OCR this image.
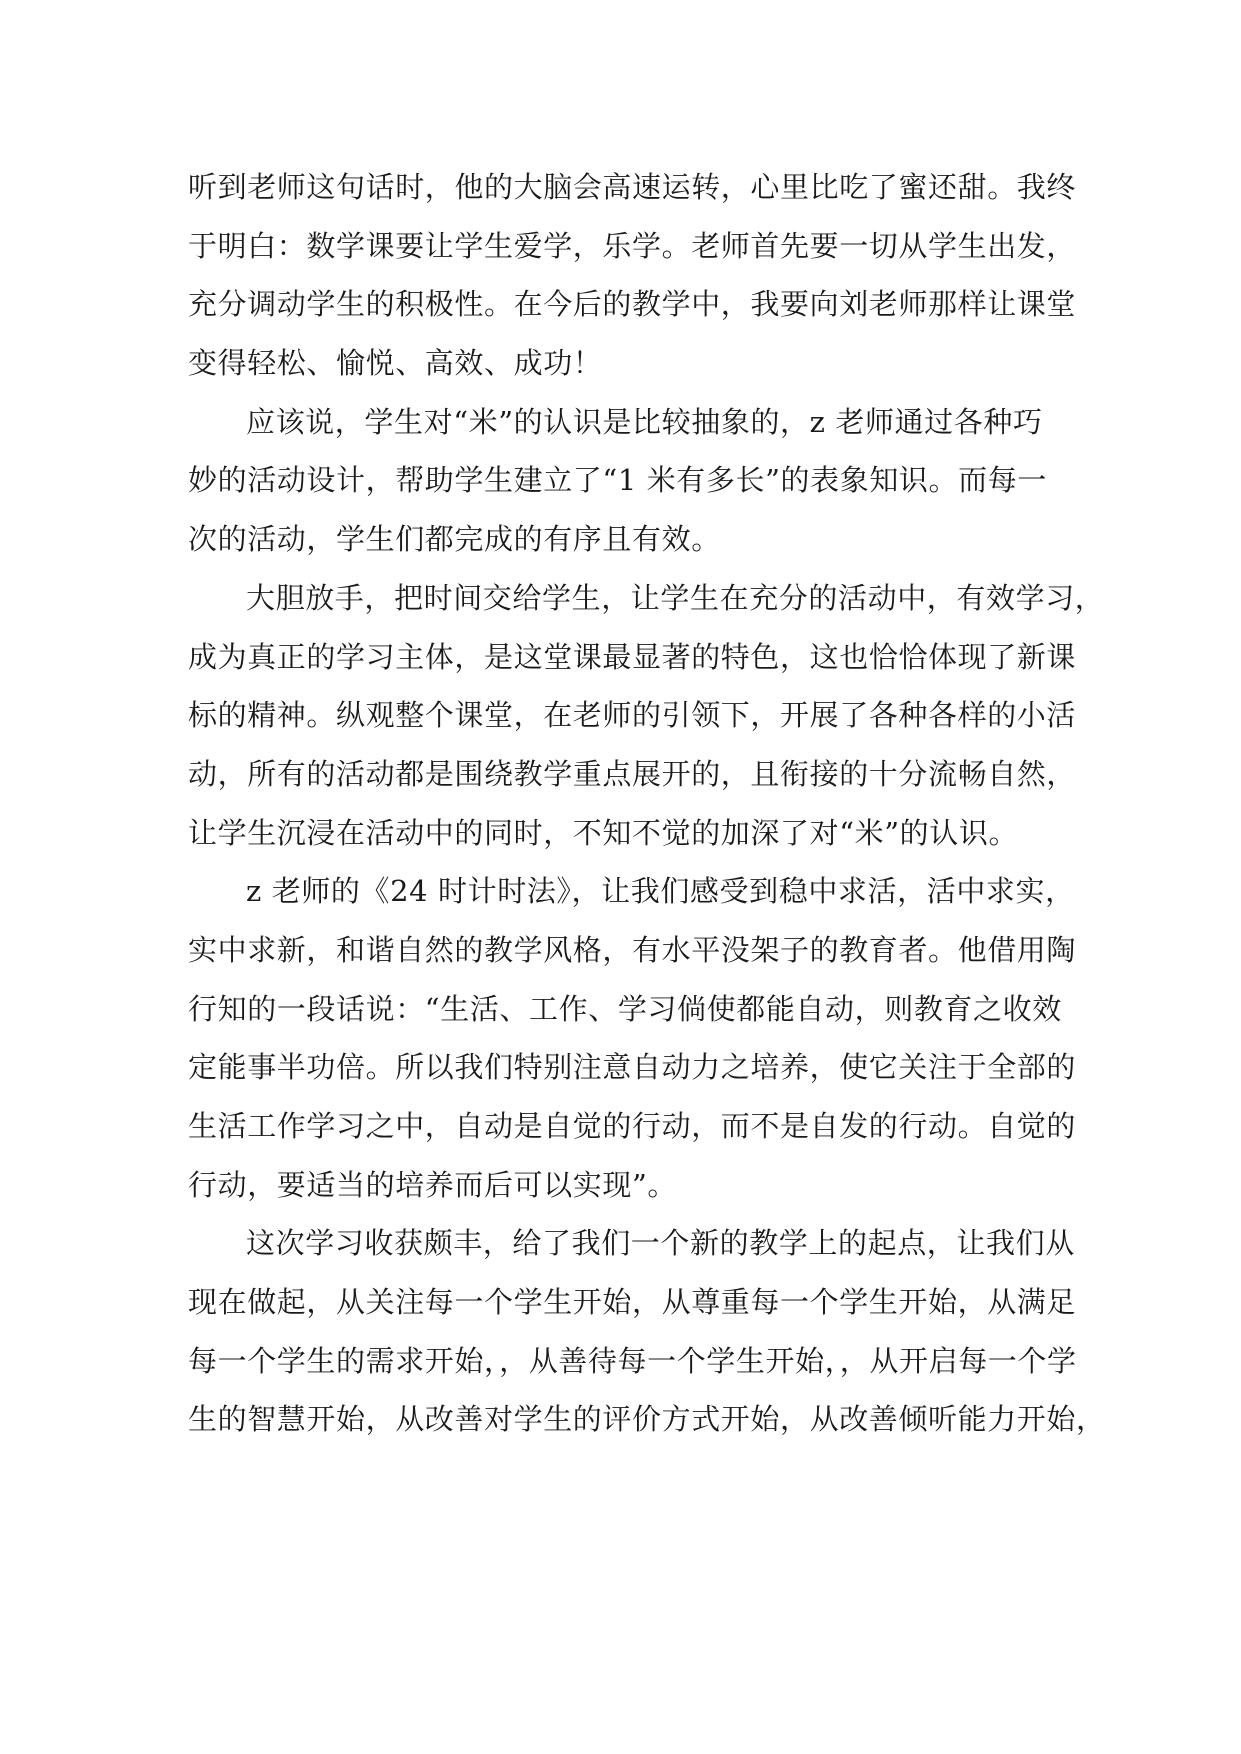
听到老师这句话时，他的大脑会高速运转，心里比吃了蜜还甜。我终
于明白：数学课要让学生爱学，乐学。老师首先要一切从学生出发，
充分调动学生的积极性。在今后的教学中，我要向刘老师那样让课堂
变得轻松、愉悦、高效、成功！
应该说，学生对“米”的认识是比较抽象的，z 老师通过各种巧
妙的活动设计，帮助学生建立了“1 米有多长”的表象知识。而每一
次的活动，学生们都完成的有序且有效。
大胆放手，把时间交给学生，让学生在充分的活动中，有效学习，
成为真正的学习主体，是这堂课最显著的特色，这也恰恰体现了新课
标的精神。纵观整个课堂，在老师的引领下，开展了各种各样的小活
动，所有的活动都是围绕教学重点展开的，且衔接的十分流畅自然，
让学生沉浸在活动中的同时，不知不觉的加深了对“米”的认识。
z 老师的《24 时计时法》，让我们感受到稳中求活，活中求实，
实中求新，和谐自然的教学风格，有水平没架子的教育者。他借用陶
行知的一段话说：“生活、工作、学习倘使都能自动，则教育之收效
定能事半功倍。所以我们特别注意自动力之培养，使它关注于全部的
生活工作学习之中，自动是自觉的行动，而不是自发的行动。自觉的
行动，要适当的培养而后可以实现”。
这次学习收获颇丰，给了我们一个新的教学上的起点，让我们从
现在做起，从关注每一个学生开始，从尊重每一个学生开始，从满足
每一个学生的需求开始，，从善待每一个学生开始，，从开启每一个学
生的智慧开始，从改善对学生的评价方式开始，从改善倾听能力开始，
